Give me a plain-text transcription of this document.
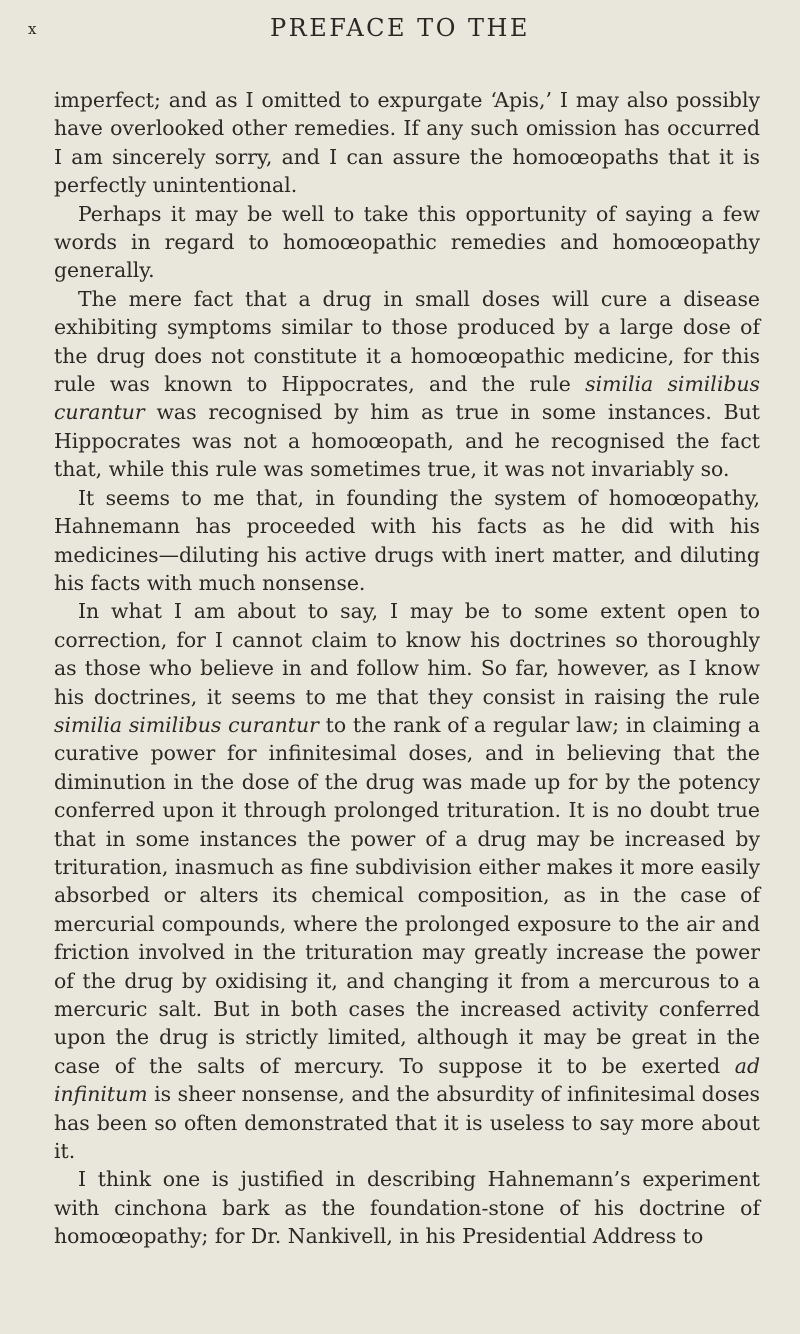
x	PREFACE TO THE

imperfect; and as I omitted to expurgate ‘Apis,’ I may also possibly have overlooked other remedies. If any such omission has occurred I am sincerely sorry, and I can assure the homoœopaths that it is perfectly unintentional.

Perhaps it may be well to take this opportunity of saying a few words in regard to homoœopathic remedies and homoœopathy generally.

The mere fact that a drug in small doses will cure a disease exhibiting symptoms similar to those produced by a large dose of the drug does not constitute it a homoœopathic medicine, for this rule was known to Hippocrates, and the rule similia similibus curantur was recognised by him as true in some instances. But Hippocrates was not a homoœopath, and he recognised the fact that, while this rule was sometimes true, it was not invariably so.

It seems to me that, in founding the system of homoœopathy, Hahnemann has proceeded with his facts as he did with his medicines—diluting his active drugs with inert matter, and diluting his facts with much nonsense.

In what I am about to say, I may be to some extent open to correction, for I cannot claim to know his doctrines so thoroughly as those who believe in and follow him. So far, however, as I know his doctrines, it seems to me that they consist in raising the rule similia similibus curantur to the rank of a regular law; in claiming a curative power for infinitesimal doses, and in believing that the diminution in the dose of the drug was made up for by the potency conferred upon it through prolonged trituration. It is no doubt true that in some instances the power of a drug may be increased by trituration, inasmuch as fine subdivision either makes it more easily absorbed or alters its chemical composition, as in the case of mercurial compounds, where the prolonged exposure to the air and friction involved in the trituration may greatly increase the power of the drug by oxidising it, and changing it from a mercurous to a mercuric salt. But in both cases the increased activity conferred upon the drug is strictly limited, although it may be great in the case of the salts of mercury. To suppose it to be exerted ad infinitum is sheer nonsense, and the absurdity of infinitesimal doses has been so often demonstrated that it is useless to say more about it.

I think one is justified in describing Hahnemann’s experiment with cinchona bark as the foundation-stone of his doctrine of homoœopathy; for Dr. Nankivell, in his Presidential Address to
